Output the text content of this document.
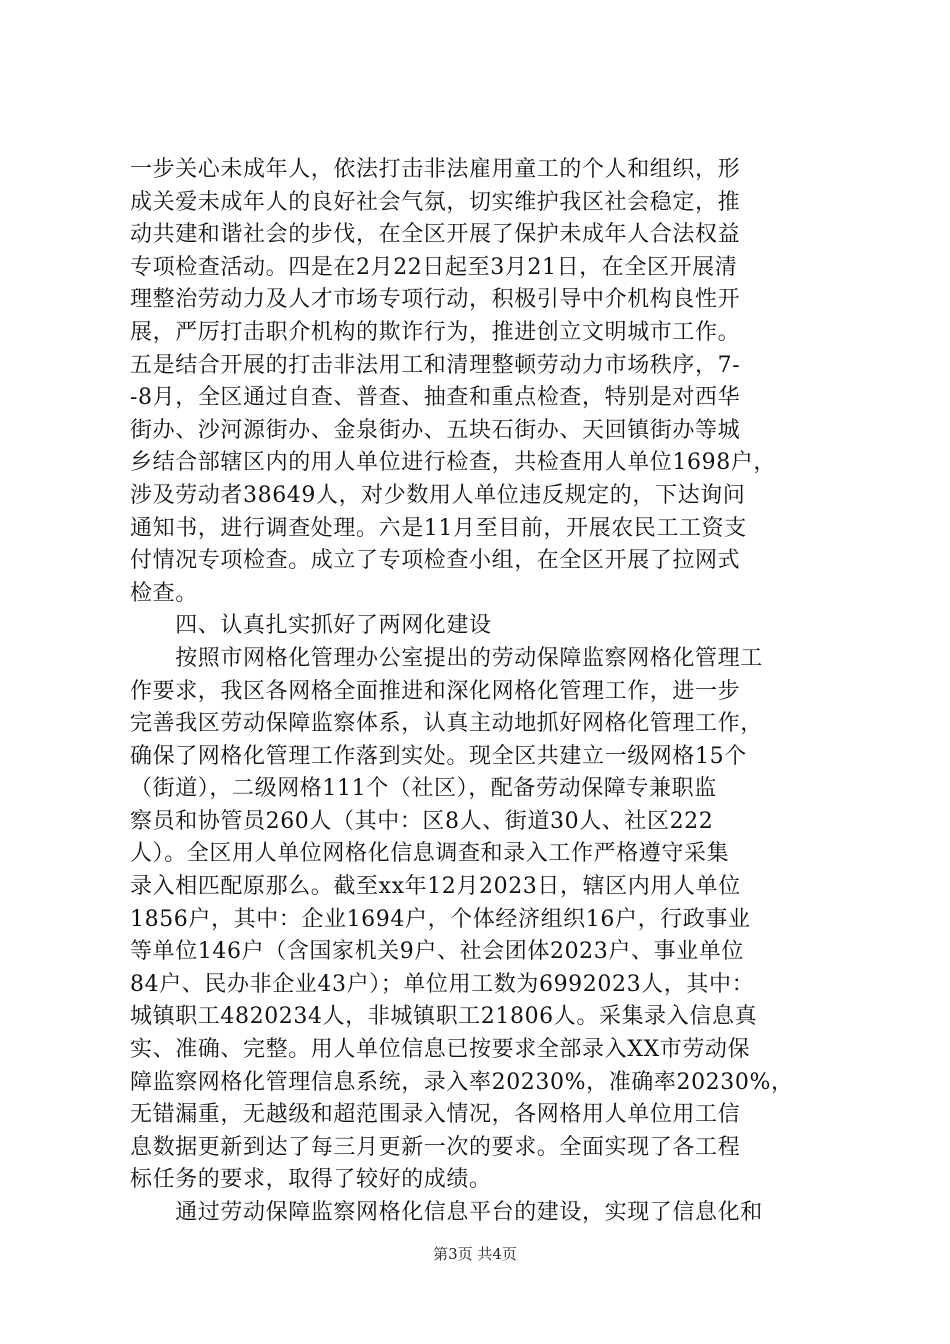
一步关心未成年人，依法打击非法雇用童工的个人和组织，形
成关爱未成年人的良好社会气氛，切实维护我区社会稳定，推
动共建和谐社会的步伐，在全区开展了保护未成年人合法权益
专项检查活动。四是在2月22日起至3月21日，在全区开展清
理整治劳动力及人才市场专项行动，积极引导中介机构良性开
展，严厉打击职介机构的欺诈行为，推进创立文明城市工作。
五是结合开展的打击非法用工和清理整顿劳动力市场秩序，7-
-8月，全区通过自查、普查、抽查和重点检查，特别是对西华
街办、沙河源街办、金泉街办、五块石街办、天回镇街办等城
乡结合部辖区内的用人单位进行检查，共检查用人单位1698户，
涉及劳动者38649人，对少数用人单位违反规定的，下达询问
通知书，进行调查处理。六是11月至目前，开展农民工工资支
付情况专项检查。成立了专项检查小组，在全区开展了拉网式
检查。
　　四、认真扎实抓好了两网化建设
　　按照市网格化管理办公室提出的劳动保障监察网格化管理工
作要求，我区各网格全面推进和深化网格化管理工作，进一步
完善我区劳动保障监察体系，认真主动地抓好网格化管理工作，
确保了网格化管理工作落到实处。现全区共建立一级网格15个
（街道），二级网格111个（社区），配备劳动保障专兼职监
察员和协管员260人（其中：区8人、街道30人、社区222
人）。全区用人单位网格化信息调查和录入工作严格遵守采集
录入相匹配原那么。截至xx年12月2023日，辖区内用人单位
1856户，其中：企业1694户，个体经济组织16户，行政事业
等单位146户（含国家机关9户、社会团体2023户、事业单位
84户、民办非企业43户）；单位用工数为6992023人，其中：
城镇职工4820234人，非城镇职工21806人。采集录入信息真
实、准确、完整。用人单位信息已按要求全部录入XX市劳动保
障监察网格化管理信息系统，录入率20230%，准确率20230%，
无错漏重，无越级和超范围录入情况，各网格用人单位用工信
息数据更新到达了每三月更新一次的要求。全面实现了各工程
标任务的要求，取得了较好的成绩。
　　通过劳动保障监察网格化信息平台的建设，实现了信息化和
第3页 共4页
